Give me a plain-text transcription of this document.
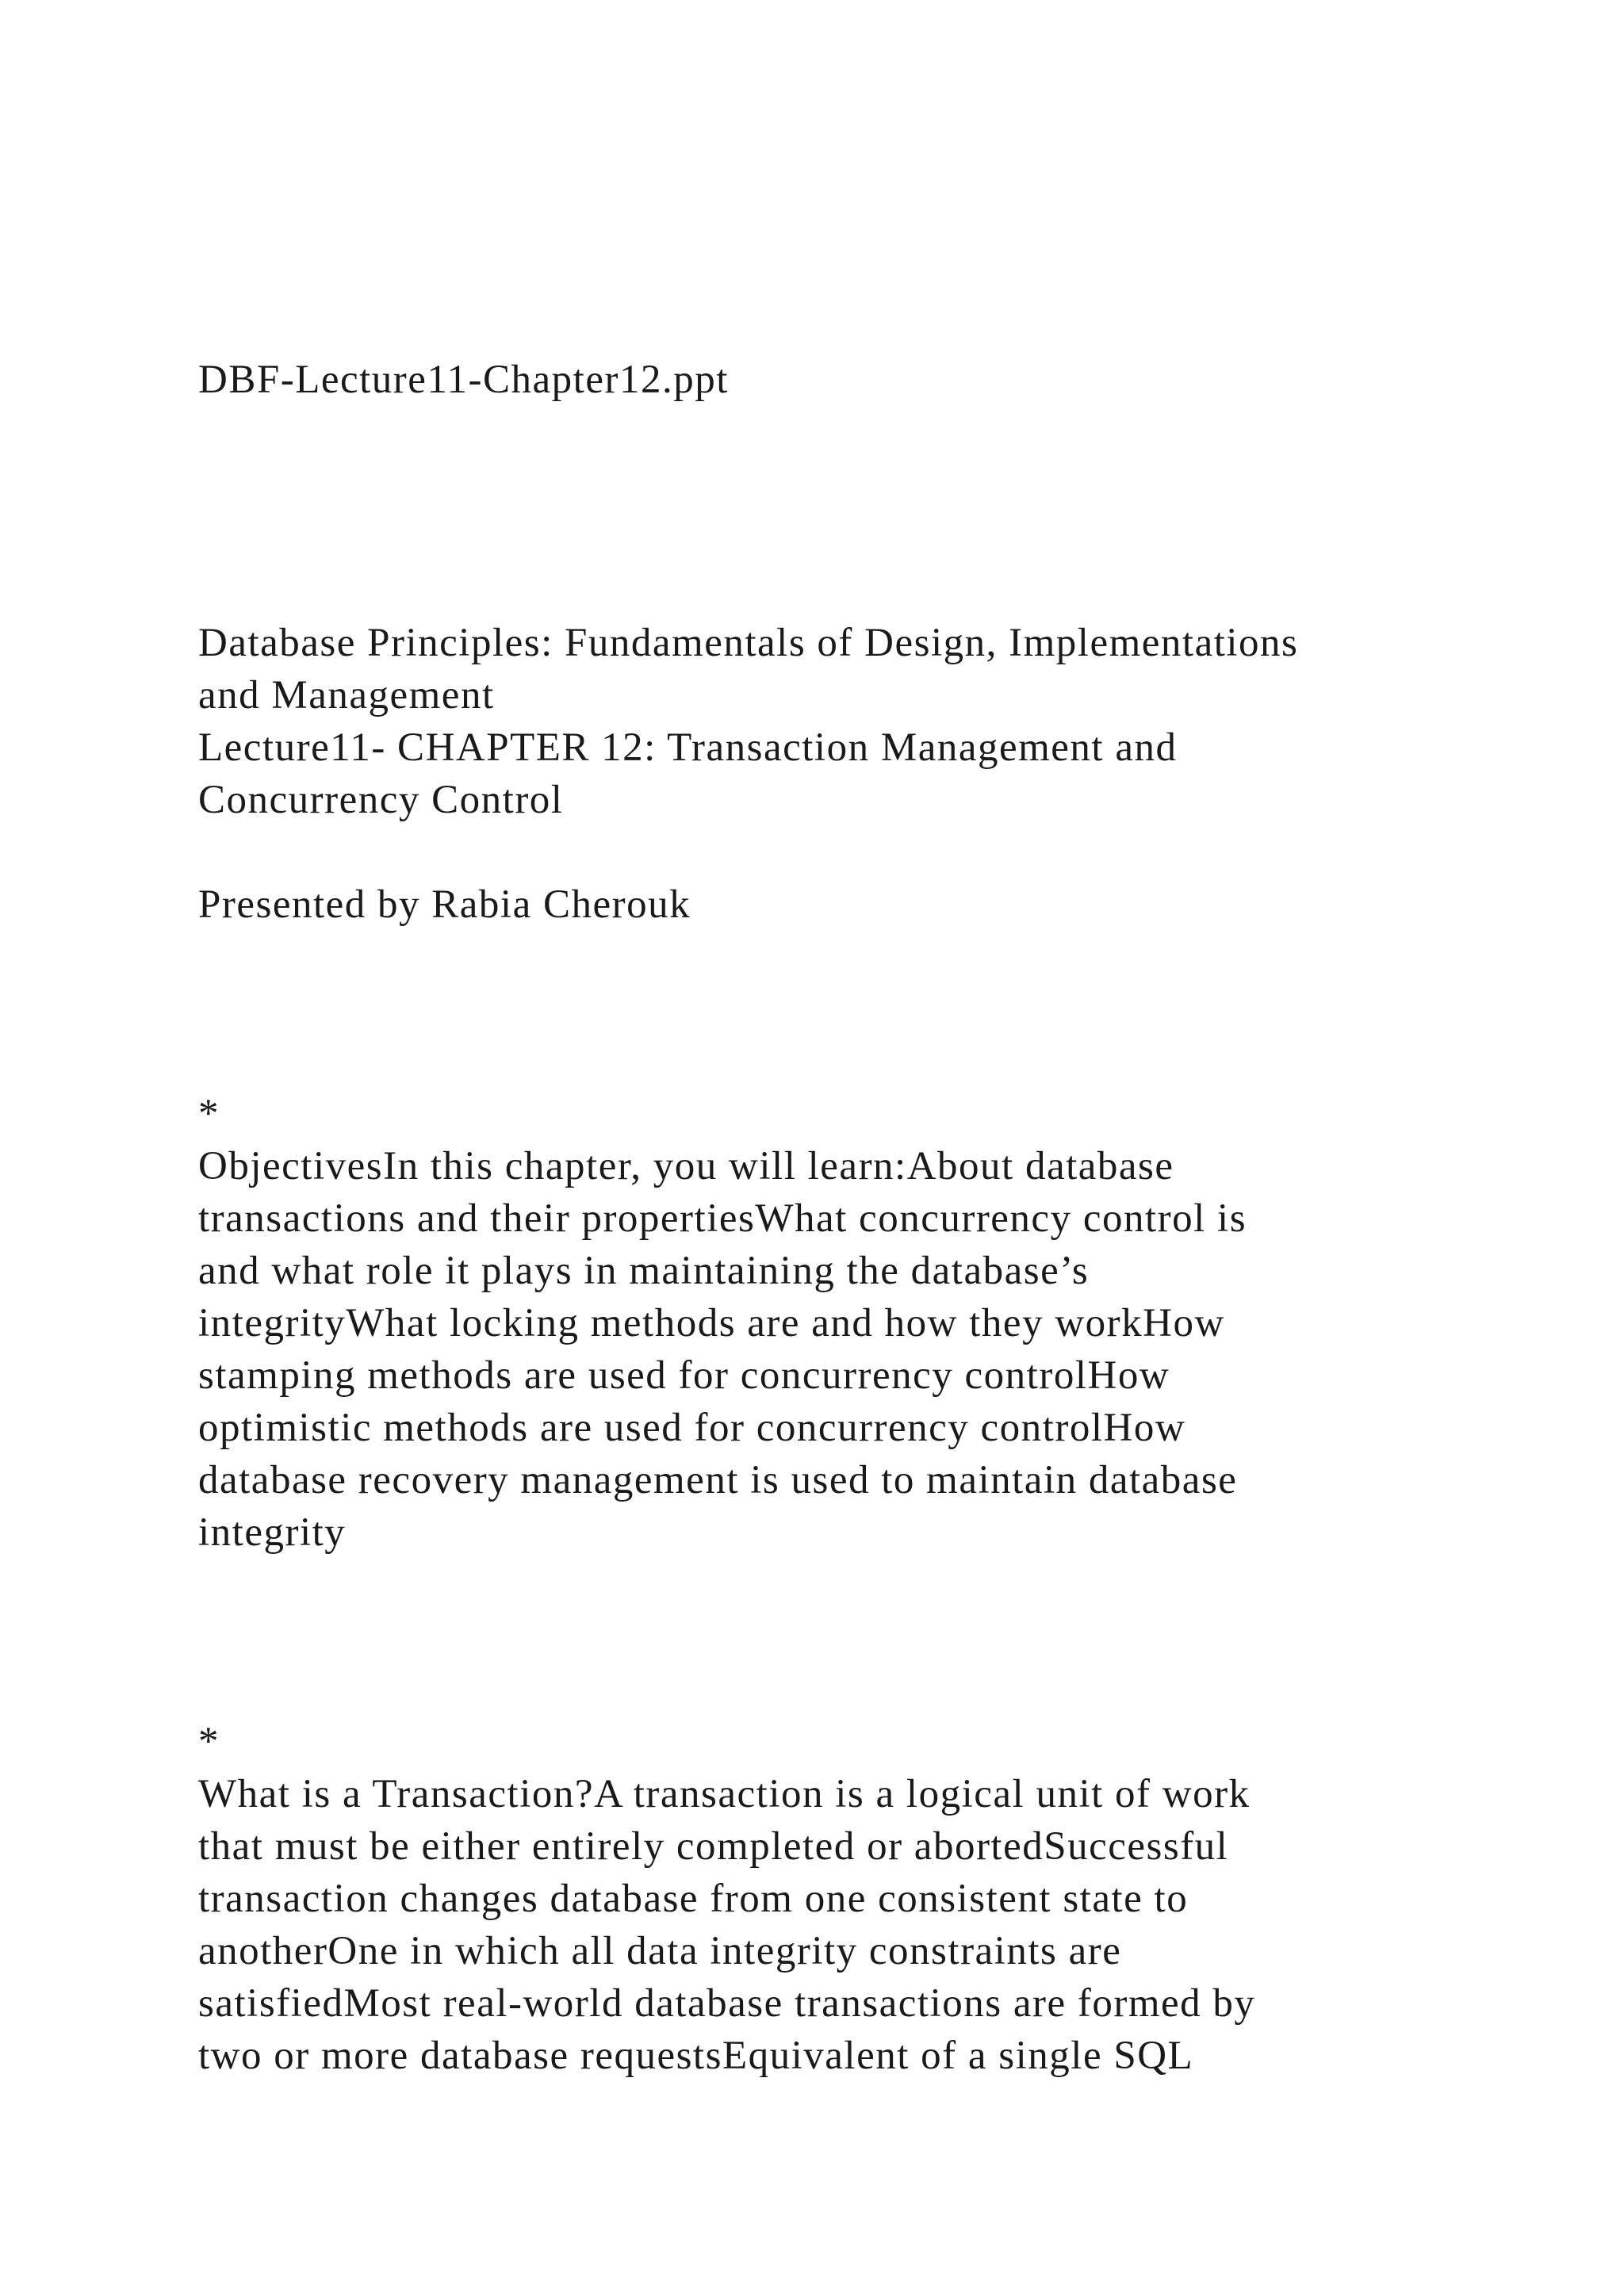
DBF-Lecture11-Chapter12.ppt

Database Principles: Fundamentals of Design, Implementations

and Management

Lecture11- CHAPTER 12: Transaction Management and

Concurrency Control

Presented by Rabia Cherouk

*

ObjectivesIn this chapter, you will learn:About database

transactions and their propertiesWhat concurrency control is

and what role it plays in maintaining the database’s

integrityWhat locking methods are and how they workHow

stamping methods are used for concurrency controlHow

optimistic methods are used for concurrency controlHow

database recovery management is used to maintain database

integrity

*

What is a Transaction?A transaction is a logical unit of work

that must be either entirely completed or abortedSuccessful

transaction changes database from one consistent state to

anotherOne in which all data integrity constraints are

satisfiedMost real-world database transactions are formed by

two or more database requestsEquivalent of a single SQL
